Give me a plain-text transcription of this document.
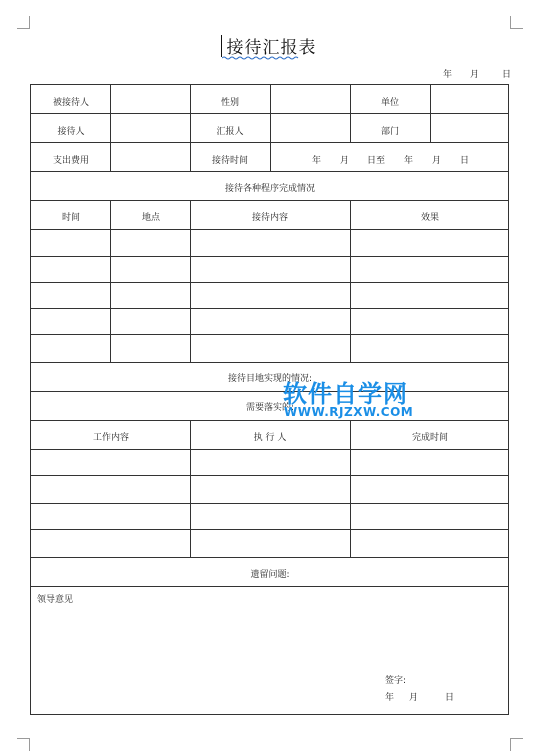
接待汇报表
年 月	日
被接待人	性别	单位
接待人	汇报人	部门
支出费用	接待时间	年 月 日至 年 月 日
接待各种程序完成情况
时间	地点	接待内容	效果
接待目地实现的情况:
需要落实的:
工作内容	执 行 人	完成时间
遗留问题:
领导意见
签字:
年 月	日
软件自学网
WWW.RJZXW.COM
